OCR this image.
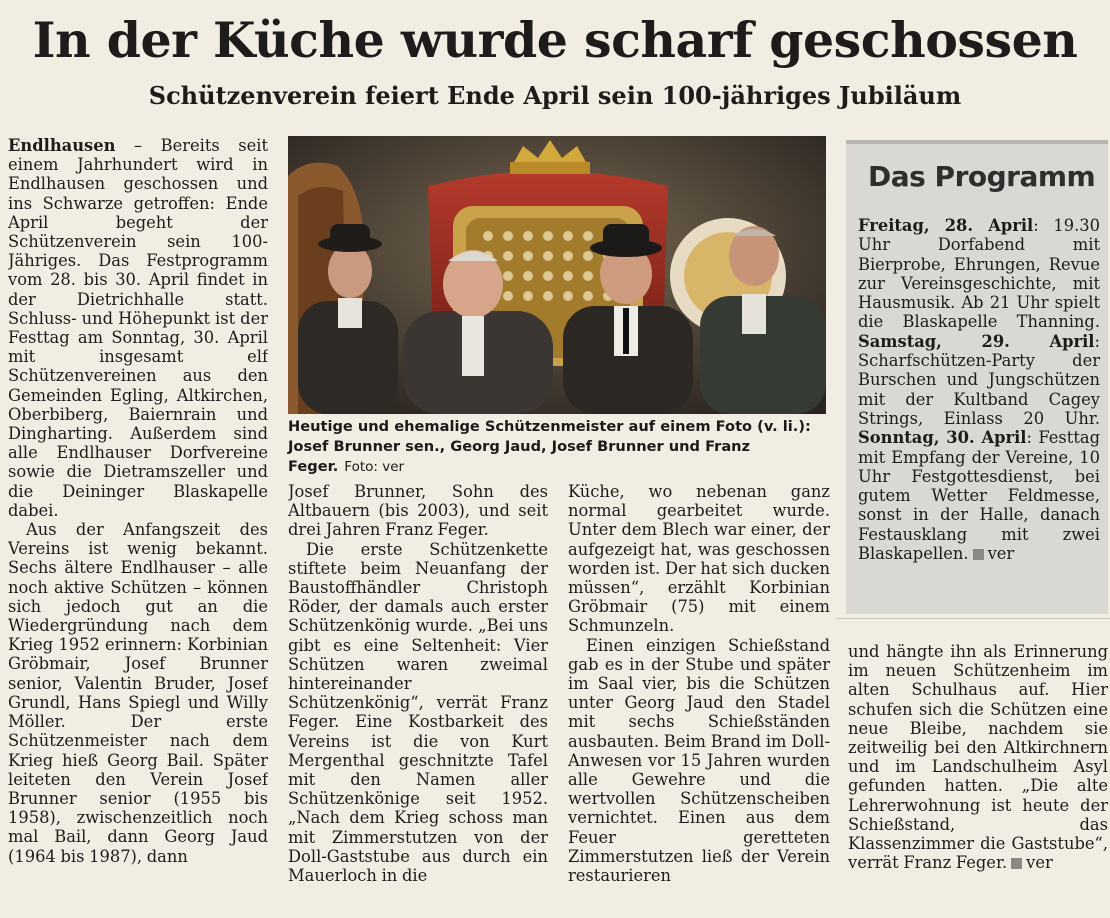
In der Küche wurde scharf geschossen
Schützenverein feiert Ende April sein 100-jähriges Jubiläum

Endlhausen – Bereits seit einem Jahrhundert wird in Endlhausen geschossen und ins Schwarze getroffen: Ende April begeht der Schützenverein sein 100-Jähriges. Das Festprogramm vom 28. bis 30. April findet in der Dietrichhalle statt. Schluss- und Höhepunkt ist der Festtag am Sonntag, 30. April mit insgesamt elf Schützenvereinen aus den Gemeinden Egling, Altkirchen, Oberbiberg, Baiernrain und Dingharting. Außerdem sind alle Endlhauser Dorfvereine sowie die Dietramszeller und die Deininger Blaskapelle dabei.

Aus der Anfangszeit des Vereins ist wenig bekannt. Sechs ältere Endlhauser – alle noch aktive Schützen – können sich jedoch gut an die Wiedergründung nach dem Krieg 1952 erinnern: Korbinian Gröbmair, Josef Brunner senior, Valentin Bruder, Josef Grundl, Hans Spiegl und Willy Möller. Der erste Schützenmeister nach dem Krieg hieß Georg Bail. Später leiteten den Verein Josef Brunner senior (1955 bis 1958), zwischenzeitlich noch mal Bail, dann Georg Jaud (1964 bis 1987), dann

Heutige und ehemalige Schützenmeister auf einem Foto (v. li.): Josef Brunner sen., Georg Jaud, Josef Brunner und Franz Feger. Foto: ver

Josef Brunner, Sohn des Altbauern (bis 2003), und seit drei Jahren Franz Feger.

Die erste Schützenkette stiftete beim Neuanfang der Baustoffhändler Christoph Röder, der damals auch erster Schützenkönig wurde. „Bei uns gibt es eine Seltenheit: Vier Schützen waren zweimal hintereinander Schützenkönig“, verrät Franz Feger. Eine Kostbarkeit des Vereins ist die von Kurt Mergenthal geschnitzte Tafel mit den Namen aller Schützenkönige seit 1952. „Nach dem Krieg schoss man mit Zimmerstutzen von der Doll-Gaststube aus durch ein Mauerloch in die

Küche, wo nebenan ganz normal gearbeitet wurde. Unter dem Blech war einer, der aufgezeigt hat, was geschossen worden ist. Der hat sich ducken müssen“, erzählt Korbinian Gröbmair (75) mit einem Schmunzeln.

Einen einzigen Schießstand gab es in der Stube und später im Saal vier, bis die Schützen unter Georg Jaud den Stadel mit sechs Schießständen ausbauten. Beim Brand im Doll-Anwesen vor 15 Jahren wurden alle Gewehre und die wertvollen Schützenscheiben vernichtet. Einen aus dem Feuer geretteten Zimmerstutzen ließ der Verein restaurieren

Das Programm
Freitag, 28. April: 19.30 Uhr Dorfabend mit Bierprobe, Ehrungen, Revue zur Vereinsgeschichte, mit Hausmusik. Ab 21 Uhr spielt die Blaskapelle Thanning. Samstag, 29. April: Scharfschützen-Party der Burschen und Jungschützen mit der Kultband Cagey Strings, Einlass 20 Uhr. Sonntag, 30. April: Festtag mit Empfang der Vereine, 10 Uhr Festgottesdienst, bei gutem Wetter Feldmesse, sonst in der Halle, danach Festausklang mit zwei Blaskapellen. ver

und hängte ihn als Erinnerung im neuen Schützenheim im alten Schulhaus auf. Hier schufen sich die Schützen eine neue Bleibe, nachdem sie zeitweilig bei den Altkirchnern und im Landschulheim Asyl gefunden hatten. „Die alte Lehrerwohnung ist heute der Schießstand, das Klassenzimmer die Gaststube“, verrät Franz Feger. ver
